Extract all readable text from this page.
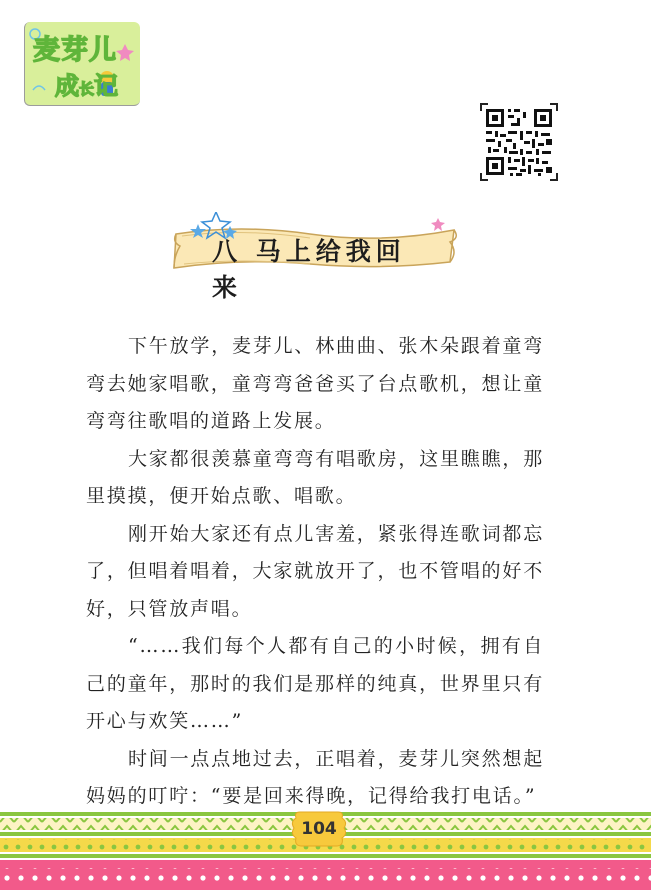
麦芽儿
成长记
八 马上给我回来

下午放学，麦芽儿、林曲曲、张木朵跟着童弯弯去她家唱歌，童弯弯爸爸买了台点歌机，想让童弯弯往歌唱的道路上发展。

大家都很羡慕童弯弯有唱歌房，这里瞧瞧，那里摸摸，便开始点歌、唱歌。

刚开始大家还有点儿害羞，紧张得连歌词都忘了，但唱着唱着，大家就放开了，也不管唱的好不好，只管放声唱。

“……我们每个人都有自己的小时候，拥有自己的童年，那时的我们是那样的纯真，世界里只有开心与欢笑……”

时间一点点地过去，正唱着，麦芽儿突然想起妈妈的叮咛：“要是回来得晚，记得给我打电话。”

104
